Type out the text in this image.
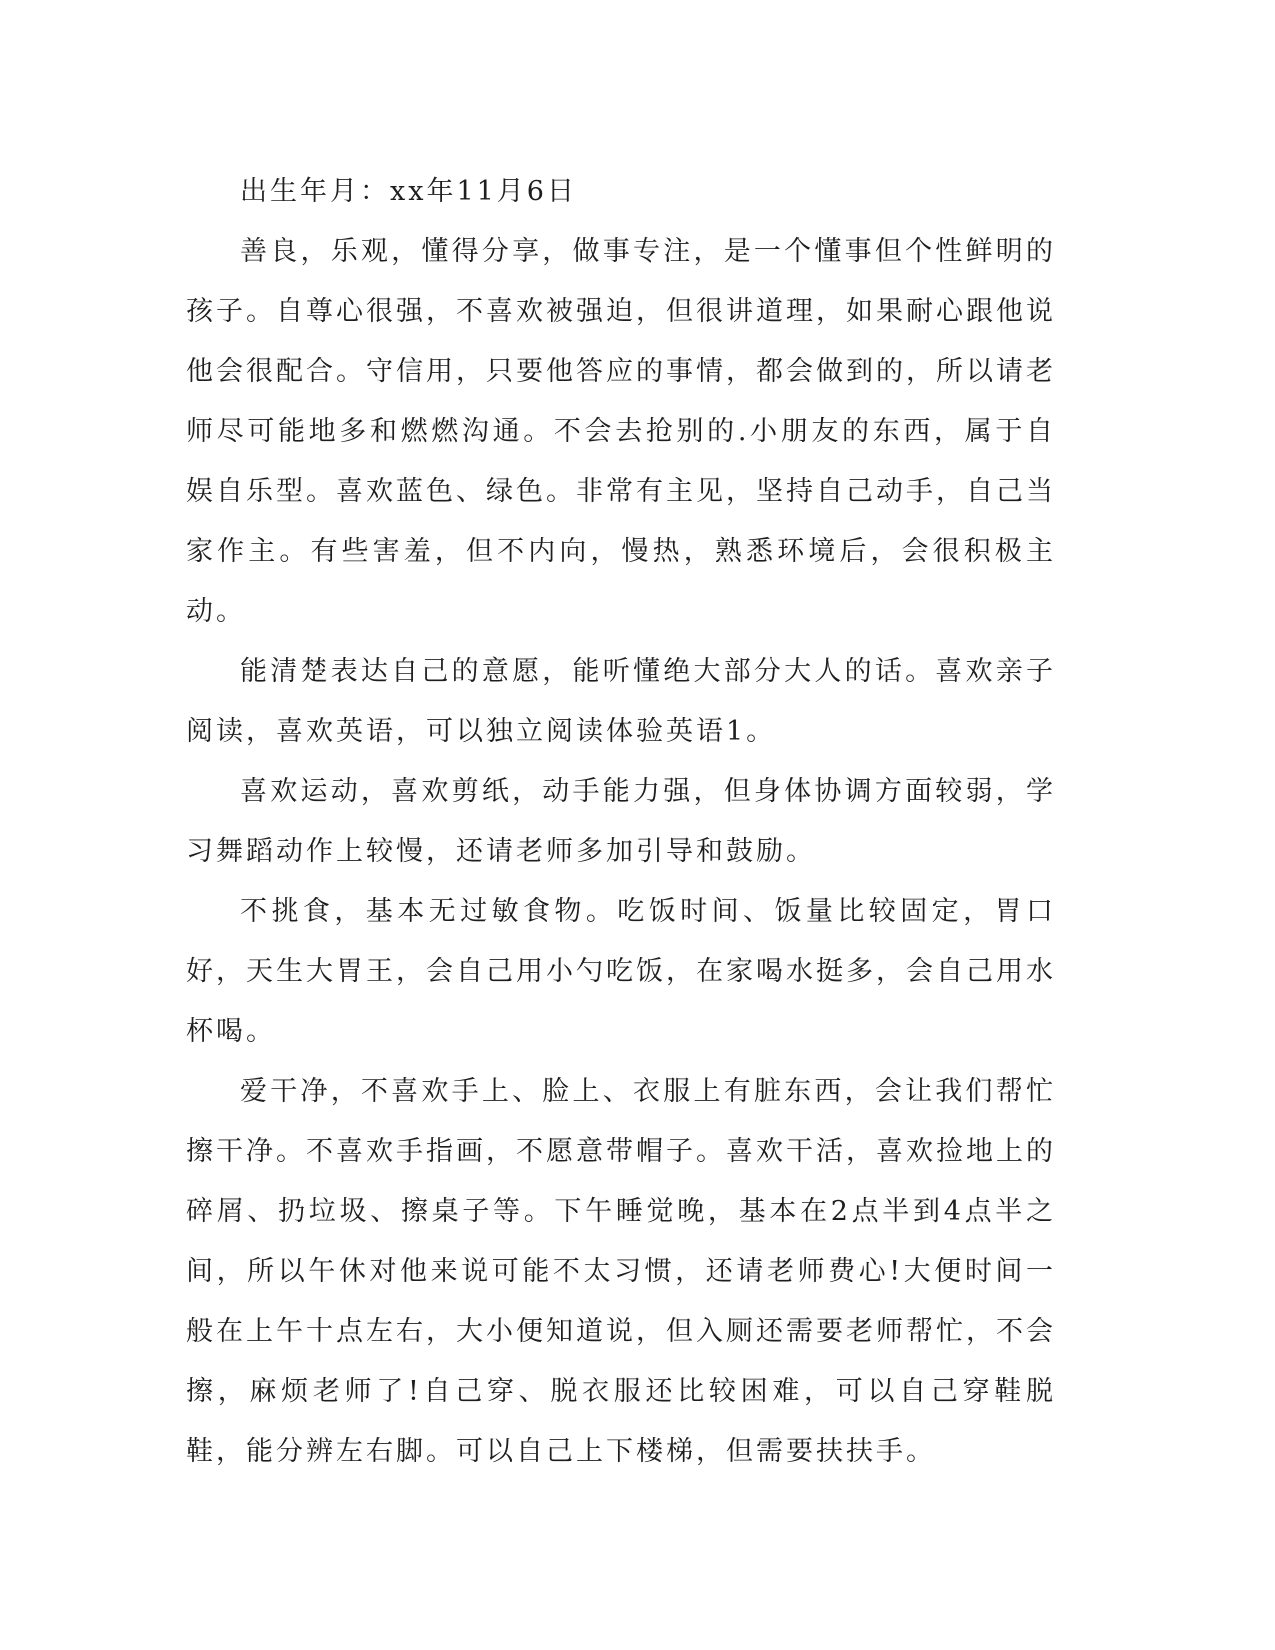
出生年月：xx年11月6日

善良，乐观，懂得分享，做事专注，是一个懂事但个性鲜明的孩子。自尊心很强，不喜欢被强迫，但很讲道理，如果耐心跟他说他会很配合。守信用，只要他答应的事情，都会做到的，所以请老师尽可能地多和燃燃沟通。不会去抢别的.小朋友的东西，属于自娱自乐型。喜欢蓝色、绿色。非常有主见，坚持自己动手，自己当家作主。有些害羞，但不内向，慢热，熟悉环境后，会很积极主动。

能清楚表达自己的意愿，能听懂绝大部分大人的话。喜欢亲子阅读，喜欢英语，可以独立阅读体验英语1。

喜欢运动，喜欢剪纸，动手能力强，但身体协调方面较弱，学习舞蹈动作上较慢，还请老师多加引导和鼓励。

不挑食，基本无过敏食物。吃饭时间、饭量比较固定，胃口好，天生大胃王，会自己用小勺吃饭，在家喝水挺多，会自己用水杯喝。

爱干净，不喜欢手上、脸上、衣服上有脏东西，会让我们帮忙擦干净。不喜欢手指画，不愿意带帽子。喜欢干活，喜欢捡地上的碎屑、扔垃圾、擦桌子等。下午睡觉晚，基本在2点半到4点半之间，所以午休对他来说可能不太习惯，还请老师费心!大便时间一般在上午十点左右，大小便知道说，但入厕还需要老师帮忙，不会擦，麻烦老师了!自己穿、脱衣服还比较困难，可以自己穿鞋脱鞋，能分辨左右脚。可以自己上下楼梯，但需要扶扶手。
